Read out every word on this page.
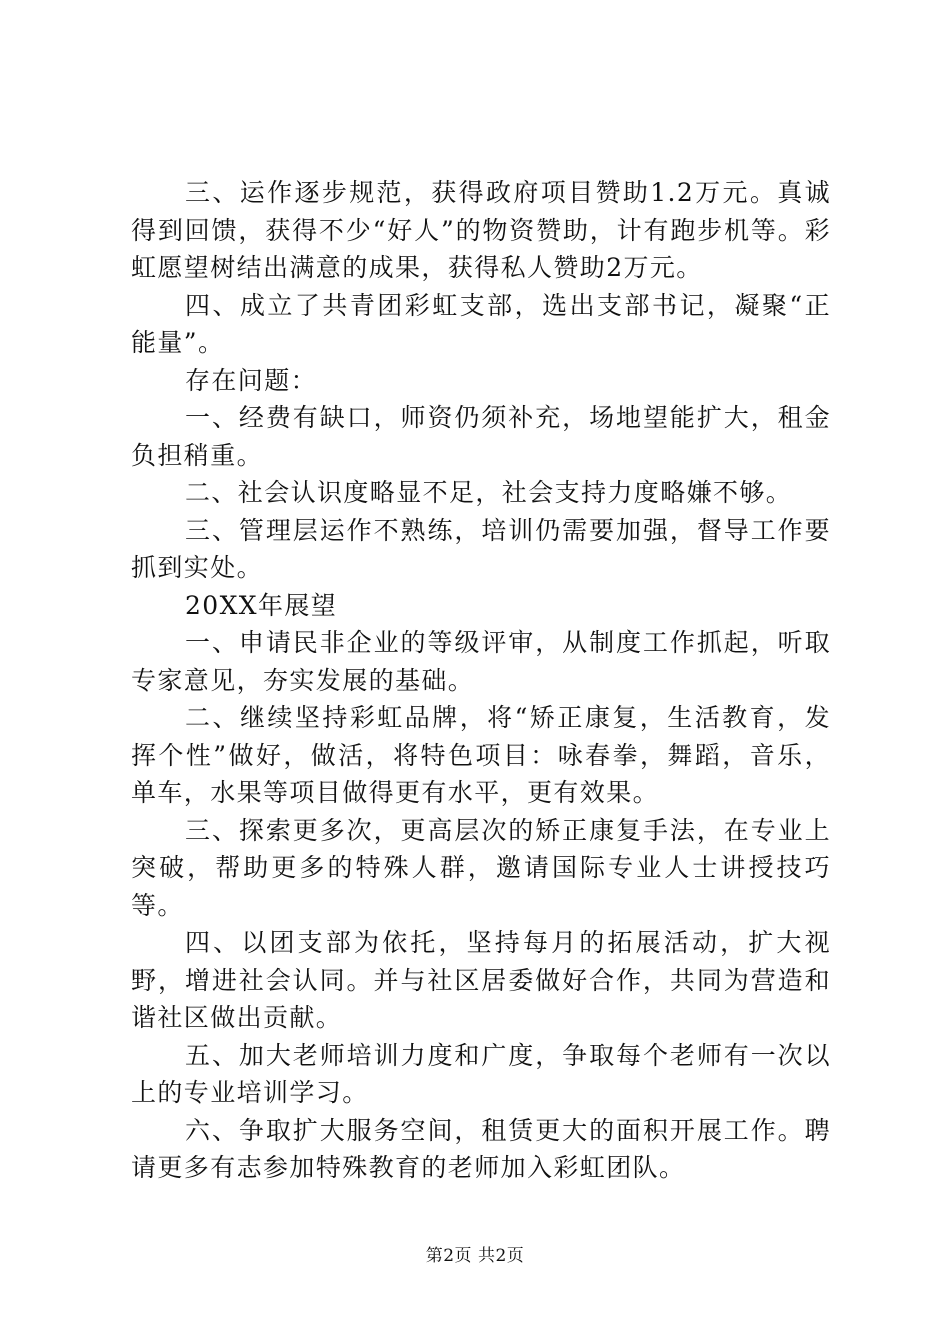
三、运作逐步规范，获得政府项目赞助1.2万元。真诚得到回馈，获得不少“好人”的物资赞助，计有跑步机等。彩虹愿望树结出满意的成果，获得私人赞助2万元。

四、成立了共青团彩虹支部，选出支部书记，凝聚“正能量”。

存在问题：

一、经费有缺口，师资仍须补充，场地望能扩大，租金负担稍重。

二、社会认识度略显不足，社会支持力度略嫌不够。

三、管理层运作不熟练，培训仍需要加强，督导工作要抓到实处。

20XX年展望

一、申请民非企业的等级评审，从制度工作抓起，听取专家意见，夯实发展的基础。

二、继续坚持彩虹品牌，将“矫正康复，生活教育，发挥个性”做好，做活，将特色项目：咏春拳，舞蹈，音乐，单车，水果等项目做得更有水平，更有效果。

三、探索更多次，更高层次的矫正康复手法，在专业上突破，帮助更多的特殊人群，邀请国际专业人士讲授技巧等。

四、以团支部为依托，坚持每月的拓展活动，扩大视野，增进社会认同。并与社区居委做好合作，共同为营造和谐社区做出贡献。

五、加大老师培训力度和广度，争取每个老师有一次以上的专业培训学习。

六、争取扩大服务空间，租赁更大的面积开展工作。聘请更多有志参加特殊教育的老师加入彩虹团队。

第2页 共2页
